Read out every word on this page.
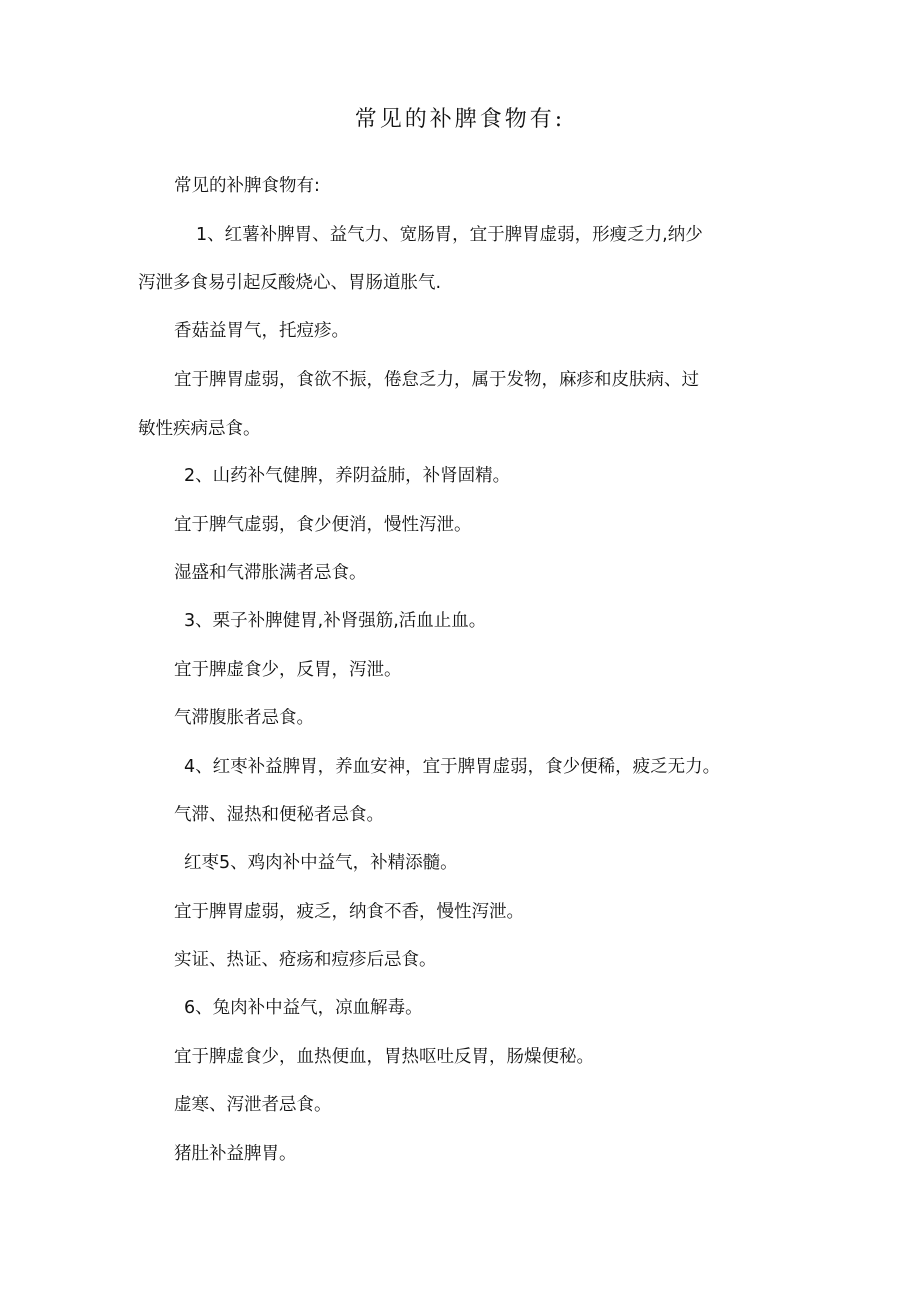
常见的补脾食物有:
常见的补脾食物有:
1、红薯补脾胃、益气力、宽肠胃，宜于脾胃虚弱，形瘦乏力,纳少
泻泄多食易引起反酸烧心、胃肠道胀气.
香菇益胃气，托痘疹。
宜于脾胃虚弱，食欲不振，倦怠乏力，属于发物，麻疹和皮肤病、过
敏性疾病忌食。
2、山药补气健脾，养阴益肺，补肾固精。
宜于脾气虚弱，食少便消，慢性泻泄。
湿盛和气滞胀满者忌食。
3、栗子补脾健胃,补肾强筋,活血止血。
宜于脾虚食少，反胃，泻泄。
气滞腹胀者忌食。
4、红枣补益脾胃，养血安神，宜于脾胃虚弱，食少便稀，疲乏无力。
气滞、湿热和便秘者忌食。
红枣5、鸡肉补中益气，补精添髓。
宜于脾胃虚弱，疲乏，纳食不香，慢性泻泄。
实证、热证、疮疡和痘疹后忌食。
6、兔肉补中益气，凉血解毒。
宜于脾虚食少，血热便血，胃热呕吐反胃，肠燥便秘。
虚寒、泻泄者忌食。
猪肚补益脾胃。
